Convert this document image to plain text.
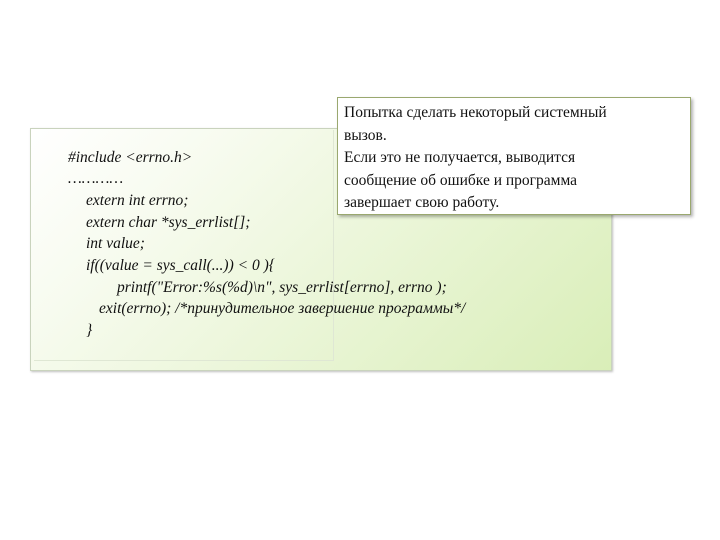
#include <errno.h>

…………

extern int errno;

extern char *sys_errlist[];

int value;

if((value = sys_call(...)) < 0 ){

printf("Error:%s(%d)\n", sys_errlist[errno], errno );

exit(errno); /*принудительное завершение программы*/

}

Попытка сделать некоторый системный
вызов.
Если это не получается, выводится
сообщение об ошибке и программа
завершает свою работу.
